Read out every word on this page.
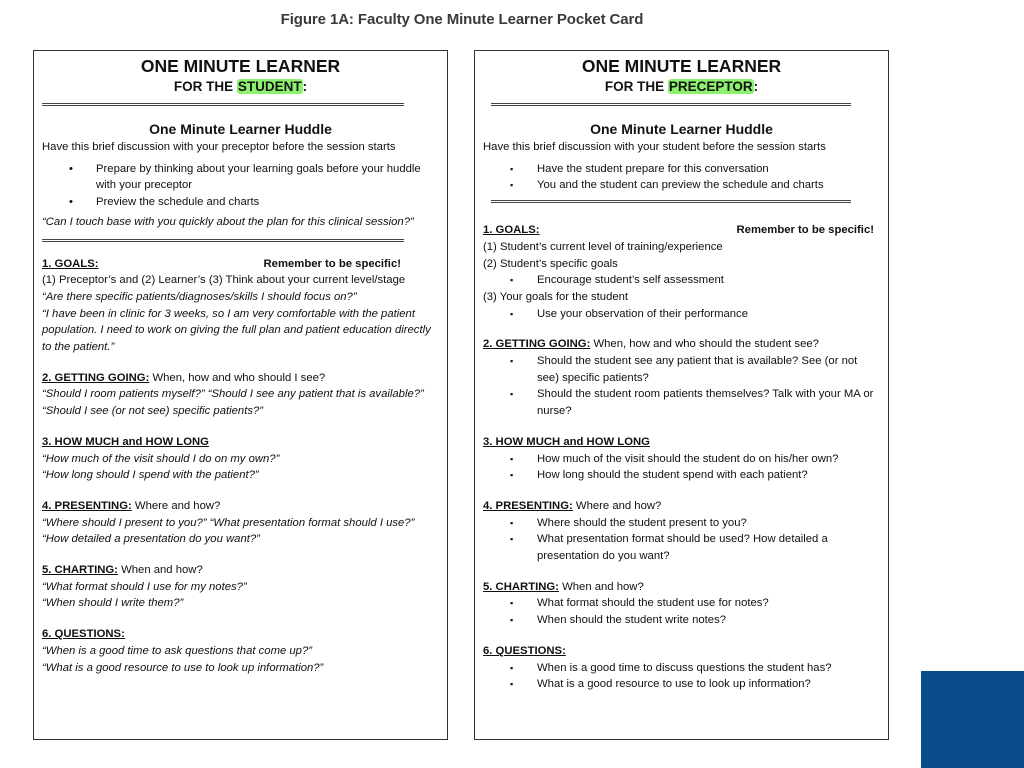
Figure 1A: Faculty One Minute Learner Pocket Card
ONE MINUTE LEARNER
FOR THE STUDENT:
One Minute Learner Huddle
Have this brief discussion with your preceptor before the session starts
• Prepare by thinking about your learning goals before your huddle with your preceptor
• Preview the schedule and charts
“Can I touch base with you quickly about the plan for this clinical session?”
1. GOALS:	Remember to be specific!
(1) Preceptor’s and (2) Learner’s (3) Think about your current level/stage
“Are there specific patients/diagnoses/skills I should focus on?”
“I have been in clinic for 3 weeks, so I am very comfortable with the patient population. I need to work on giving the full plan and patient education directly to the patient.”
2. GETTING GOING: When, how and who should I see?
“Should I room patients myself?” “Should I see any patient that is available?” “Should I see (or not see) specific patients?”
3. HOW MUCH and HOW LONG
“How much of the visit should I do on my own?”
“How long should I spend with the patient?”
4. PRESENTING: Where and how?
“Where should I present to you?” “What presentation format should I use?” “How detailed a presentation do you want?”
5. CHARTING: When and how?
“What format should I use for my notes?”
“When should I write them?”
6. QUESTIONS:
“When is a good time to ask questions that come up?”
“What is a good resource to use to look up information?”
ONE MINUTE LEARNER
FOR THE PRECEPTOR:
One Minute Learner Huddle
Have this brief discussion with your student before the session starts
▪ Have the student prepare for this conversation
▪ You and the student can preview the schedule and charts
1. GOALS:	Remember to be specific!
(1) Student’s current level of training/experience
(2) Student’s specific goals
▪ Encourage student’s self assessment
(3) Your goals for the student
▪ Use your observation of their performance
2. GETTING GOING: When, how and who should the student see?
▪ Should the student see any patient that is available? See (or not see) specific patients?
▪ Should the student room patients themselves? Talk with your MA or nurse?
3. HOW MUCH and HOW LONG
▪ How much of the visit should the student do on his/her own?
▪ How long should the student spend with each patient?
4. PRESENTING: Where and how?
▪ Where should the student present to you?
▪ What presentation format should be used? How detailed a presentation do you want?
5. CHARTING: When and how?
▪ What format should the student use for notes?
▪ When should the student write notes?
6. QUESTIONS:
▪ When is a good time to discuss questions the student has?
▪ What is a good resource to use to look up information?
